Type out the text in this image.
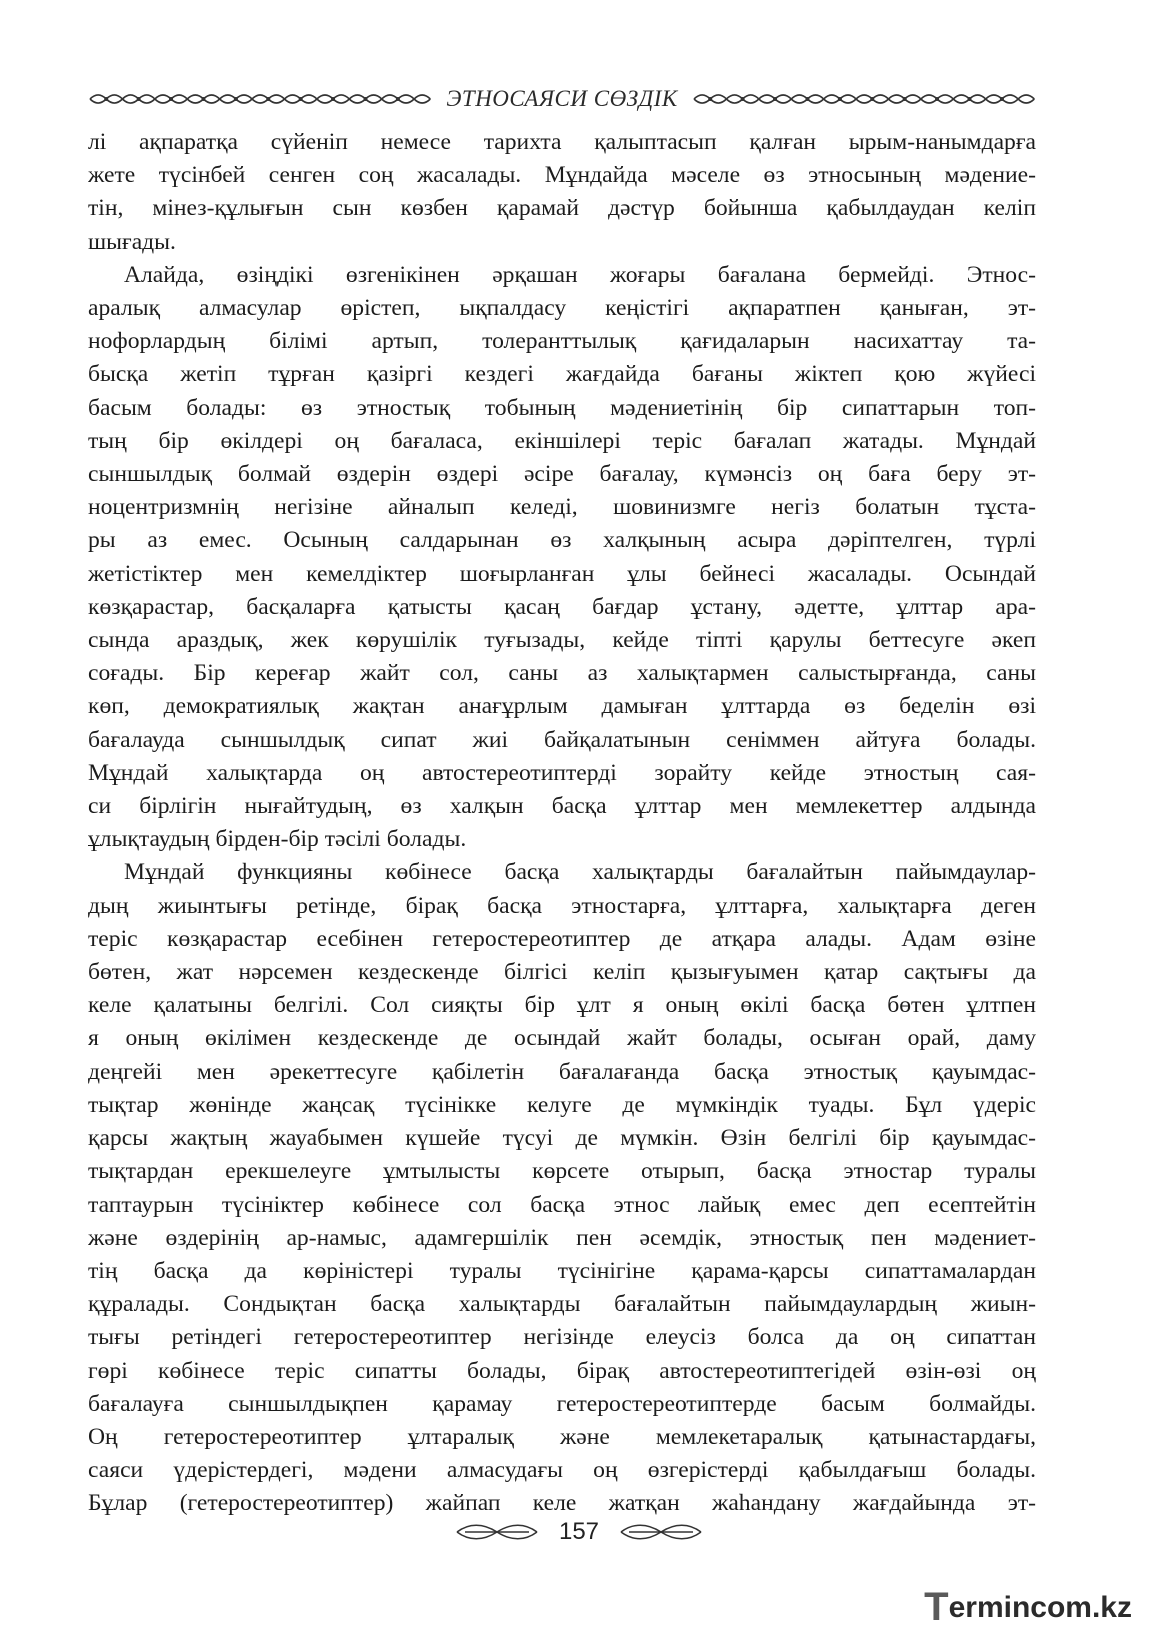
ЭТНОСАЯСИ СӨЗДІК

лі ақпаратқа сүйеніп немесе тарихта қалыптасып қалған ырым-нанымдарға
жете түсінбей сенген соң жасалады. Мұндайда мәселе өз этносының мәдение-
тін, мінез-құлығын сын көзбен қарамай дәстүр бойынша қабылдаудан келіп
шығады.

Алайда, өзіңдікі өзгенікінен әрқашан жоғары бағалана бермейді. Этнос-
аралық алмасулар өрістеп, ықпалдасу кеңістігі ақпаратпен қаныған, эт-
нофорлардың білімі артып, толеранттылық қағидаларын насихаттау та-
бысқа жетіп тұрған қазіргі кездегі жағдайда бағаны жіктеп қою жүйесі
басым болады: өз этностық тобының мәдениетінің бір сипаттарын топ-
тың бір өкілдері оң бағаласа, екіншілері теріс бағалап жатады. Мұндай
сыншылдық болмай өздерін өздері әсіре бағалау, күмәнсіз оң баға беру эт-
ноцентризмнің негізіне айналып келеді, шовинизмге негіз болатын тұста-
ры аз емес. Осының салдарынан өз халқының асыра дәріптелген, түрлі
жетістіктер мен кемелдіктер шоғырланған ұлы бейнесі жасалады. Осындай
көзқарастар, басқаларға қатысты қасаң бағдар ұстану, әдетте, ұлттар ара-
сында араздық, жек көрушілік туғызады, кейде тіпті қарулы беттесуге әкеп
соғады. Бір кереғар жайт сол, саны аз халықтармен салыстырғанда, саны
көп, демократиялық жақтан анағұрлым дамыған ұлттарда өз беделін өзі
бағалауда сыншылдық сипат жиі байқалатынын сеніммен айтуға болады.
Мұндай халықтарда оң автостереотиптерді зорайту кейде этностың сая-
си бірлігін нығайтудың, өз халқын басқа ұлттар мен мемлекеттер алдында
ұлықтаудың бірден-бір тәсілі болады.

Мұндай функцияны көбінесе басқа халықтарды бағалайтын пайымдаулар-
дың жиынтығы ретінде, бірақ басқа этностарға, ұлттарға, халықтарға деген
теріс көзқарастар есебінен гетеростереотиптер де атқара алады. Адам өзіне
бөтен, жат нәрсемен кездескенде білгісі келіп қызығуымен қатар сақтығы да
келе қалатыны белгілі. Сол сияқты бір ұлт я оның өкілі басқа бөтен ұлтпен
я оның өкілімен кездескенде де осындай жайт болады, осыған орай, даму
деңгейі мен әрекеттесуге қабілетін бағалағанда басқа этностық қауымдас-
тықтар жөнінде жаңсақ түсінікке келуге де мүмкіндік туады. Бұл үдеріс
қарсы жақтың жауабымен күшейе түсуі де мүмкін. Өзін белгілі бір қауымдас-
тықтардан ерекшелеуге ұмтылысты көрсете отырып, басқа этностар туралы
таптаурын түсініктер көбінесе сол басқа этнос лайық емес деп есептейтін
және өздерінің ар-намыс, адамгершілік пен әсемдік, этностық пен мәдениет-
тің басқа да көріністері туралы түсінігіне қарама-қарсы сипаттамалардан
құралады. Сондықтан басқа халықтарды бағалайтын пайымдаулардың жиын-
тығы ретіндегі гетеростереотиптер негізінде елеусіз болса да оң сипаттан
гөрі көбінесе теріс сипатты болады, бірақ автостереотиптегідей өзін-өзі оң
бағалауға сыншылдықпен қарамау гетеростереотиптерде басым болмайды.
Оң гетеростереотиптер ұлтаралық және мемлекетаралық қатынастардағы,
саяси үдерістердегі, мәдени алмасудағы оң өзгерістерді қабылдағыш болады.
Бұлар (гетеростереотиптер) жайпап келе жатқан жаһандану жағдайында эт-

157
T ermincom.kz
